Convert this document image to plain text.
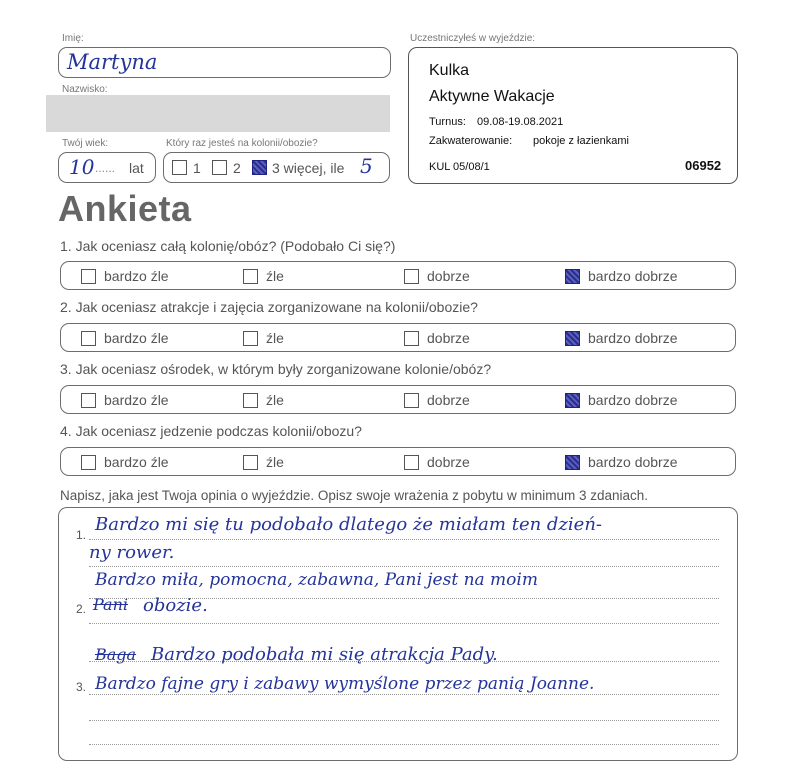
Imię:
Martyna
Nazwisko:
Twój wiek:	Który raz jesteś na kolonii/obozie?
10 ...... lat	1 2 3 więcej, ile 5
Uczestniczyłeś w wyjeździe:
Kulka
Aktywne Wakacje
Turnus: 09.08-19.08.2021
Zakwaterowanie: pokoje z łazienkami
KUL 05/08/1	06952
Ankieta
1. Jak oceniasz całą kolonię/obóz? (Podobało Ci się?)
bardzo źle	źle	dobrze	bardzo dobrze
2. Jak oceniasz atrakcje i zajęcia zorganizowane na kolonii/obozie?
bardzo źle	źle	dobrze	bardzo dobrze
3. Jak oceniasz ośrodek, w którym były zorganizowane kolonie/obóz?
bardzo źle	źle	dobrze	bardzo dobrze
4. Jak oceniasz jedzenie podczas kolonii/obozu?
bardzo źle	źle	dobrze	bardzo dobrze
Napisz, jaka jest Twoja opinia o wyjeździe. Opisz swoje wrażenia z pobytu w minimum 3 zdaniach.
1.
2.
3.
Bardzo mi się tu podobało dlatego że miałam ten dzień-
ny rower.
Bardzo miła, pomocna, zabawna, Pani jest na moim
Pani obozie.
Baga Bardzo podobała mi się atrakcja Pady.
Bardzo fajne gry i zabawy wymyślone przez panią Joanne.
